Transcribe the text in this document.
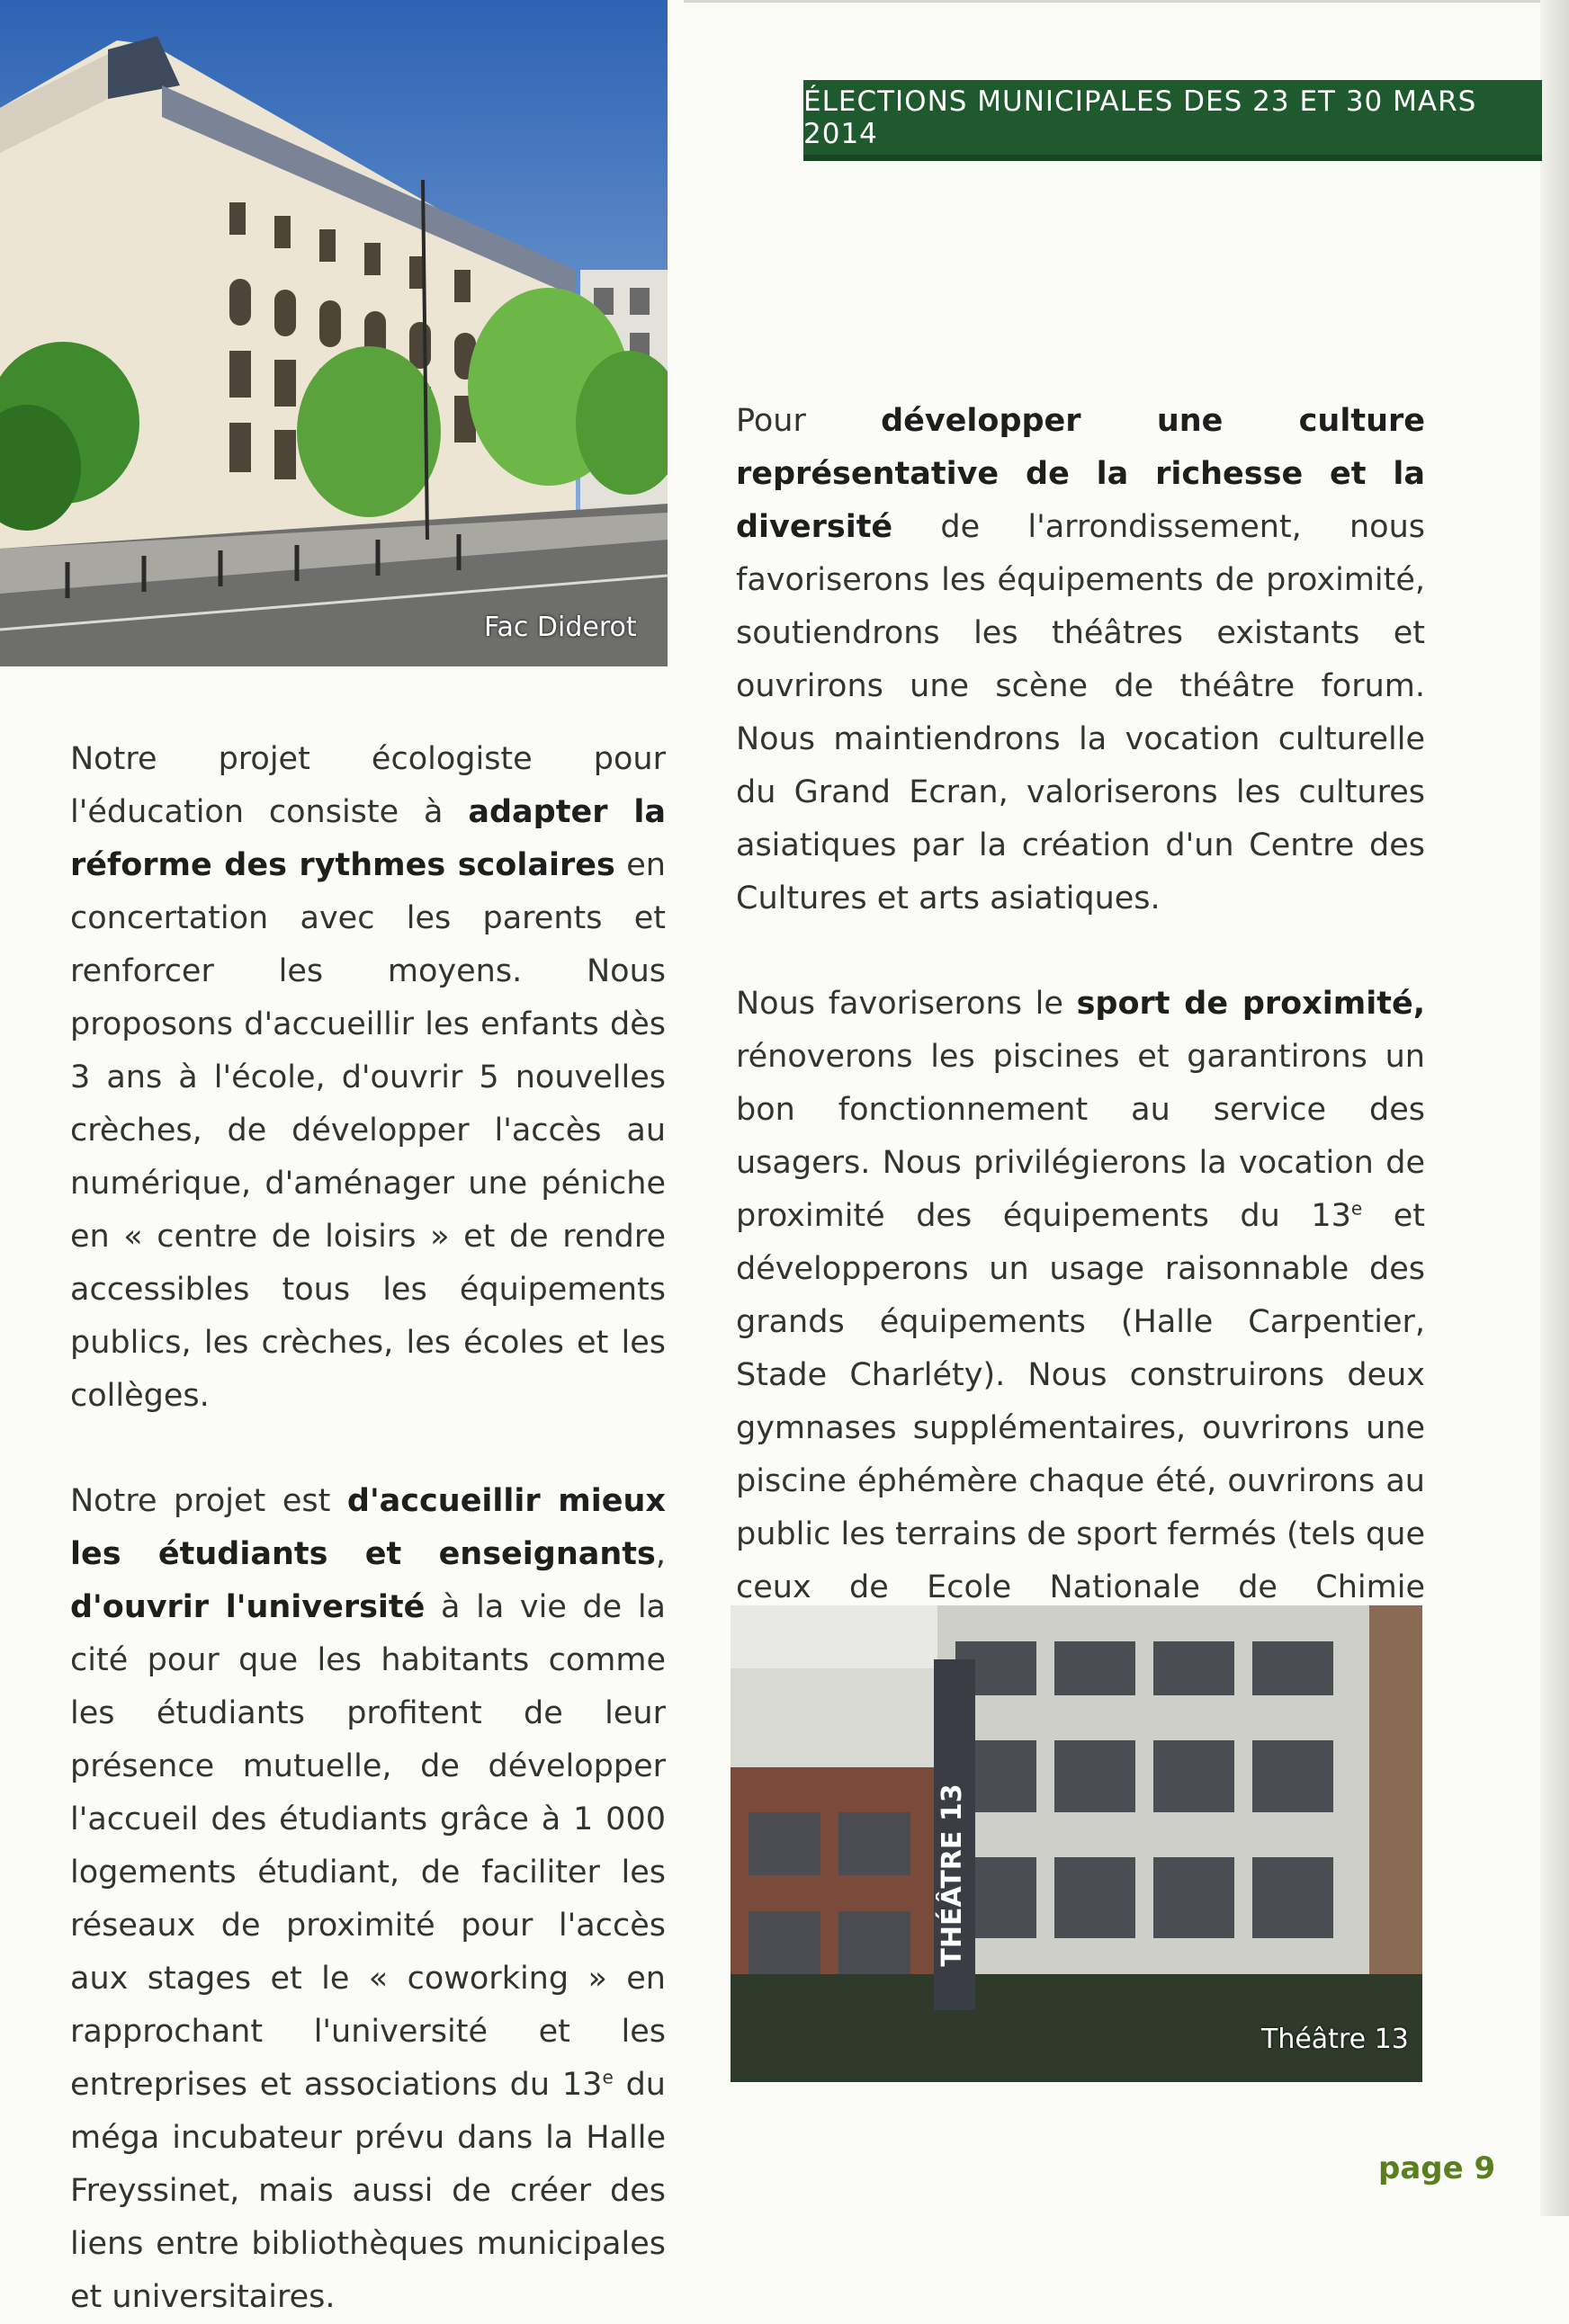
ÉLECTIONS MUNICIPALES DES 23 ET 30 MARS 2014
Fac Diderot

Notre projet écologiste pour l'éducation consiste à adapter la réforme des rythmes scolaires en concertation avec les parents et renforcer les moyens. Nous proposons d'accueillir les enfants dès 3 ans à l'école, d'ouvrir 5 nouvelles crèches, de développer l'accès au numérique, d'aménager une péniche en « centre de loisirs » et de rendre accessibles tous les équipements publics, les crèches, les écoles et les collèges.

Notre projet est d'accueillir mieux les étudiants et enseignants, d'ouvrir l'université à la vie de la cité pour que les habitants comme les étudiants profitent de leur présence mutuelle, de développer l'accueil des étudiants grâce à 1 000 logements étudiant, de faciliter les réseaux de proximité pour l'accès aux stages et le « coworking » en rapprochant l'université et les entreprises et associations du 13e du méga incubateur prévu dans la Halle Freyssinet, mais aussi de créer des liens entre bibliothèques municipales et universitaires.

Pour développer une culture représentative de la richesse et la diversité de l'arrondissement, nous favoriserons les équipements de proximité, soutiendrons les théâtres existants et ouvrirons une scène de théâtre forum. Nous maintiendrons la vocation culturelle du Grand Ecran, valoriserons les cultures asiatiques par la création d'un Centre des Cultures et arts asiatiques.

Nous favoriserons le sport de proximité, rénoverons les piscines et garantirons un bon fonctionnement au service des usagers. Nous privilégierons la vocation de proximité des équipements du 13e et développerons un usage raisonnable des grands équipements (Halle Carpentier, Stade Charléty). Nous construirons deux gymnases supplémentaires, ouvrirons une piscine éphémère chaque été, ouvrirons au public les terrains de sport fermés (tels que ceux de Ecole Nationale de Chimie

THÉÂTRE 13
Théâtre 13
page 9
